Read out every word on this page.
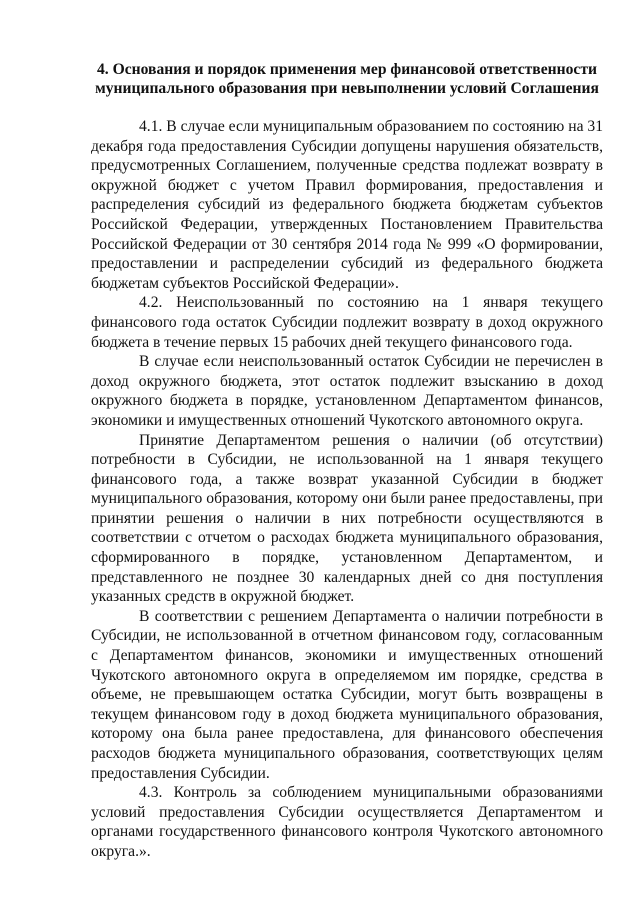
4. Основания и порядок применения мер финансовой ответственности
муниципального образования при невыполнении условий Соглашения

4.1. В случае если муниципальным образованием по состоянию на 31 декабря года предоставления Субсидии допущены нарушения обязательств, предусмотренных Соглашением, полученные средства подлежат возврату в окружной бюджет с учетом Правил формирования, предоставления и распределения субсидий из федерального бюджета бюджетам субъектов Российской Федерации, утвержденных Постановлением Правительства Российской Федерации от 30 сентября 2014 года № 999 «О формировании, предоставлении и распределении субсидий из федерального бюджета бюджетам субъектов Российской Федерации».

4.2. Неиспользованный по состоянию на 1 января текущего финансового года остаток Субсидии подлежит возврату в доход окружного бюджета в течение первых 15 рабочих дней текущего финансового года.

В случае если неиспользованный остаток Субсидии не перечислен в доход окружного бюджета, этот остаток подлежит взысканию в доход окружного бюджета в порядке, установленном Департаментом финансов, экономики и имущественных отношений Чукотского автономного округа.

Принятие Департаментом решения о наличии (об отсутствии) потребности в Субсидии, не использованной на 1 января текущего финансового года, а также возврат указанной Субсидии в бюджет муниципального образования, которому они были ранее предоставлены, при принятии решения о наличии в них потребности осуществляются в соответствии с отчетом о расходах бюджета муниципального образования, сформированного в порядке, установленном Департаментом, и представленного не позднее 30 календарных дней со дня поступления указанных средств в окружной бюджет.

В соответствии с решением Департамента о наличии потребности в Субсидии, не использованной в отчетном финансовом году, согласованным с Департаментом финансов, экономики и имущественных отношений Чукотского автономного округа в определяемом им порядке, средства в объеме, не превышающем остатка Субсидии, могут быть возвращены в текущем финансовом году в доход бюджета муниципального образования, которому она была ранее предоставлена, для финансового обеспечения расходов бюджета муниципального образования, соответствующих целям предоставления Субсидии.

4.3. Контроль за соблюдением муниципальными образованиями условий предоставления Субсидии осуществляется Департаментом и органами государственного финансового контроля Чукотского автономного округа.».
